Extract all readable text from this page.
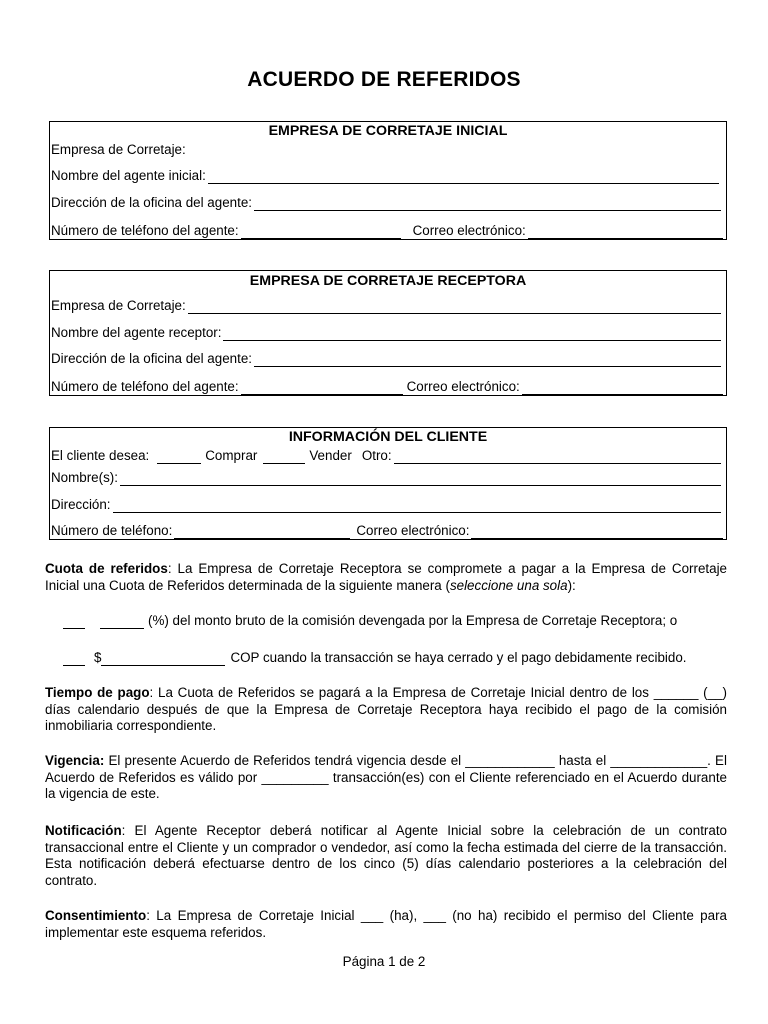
ACUERDO DE REFERIDOS
EMPRESA DE CORRETAJE INICIAL
Empresa de Corretaje:
Nombre del agente inicial:
Dirección de la oficina del agente:
Número de teléfono del agente:	Correo electrónico:
EMPRESA DE CORRETAJE RECEPTORA
Empresa de Corretaje:
Nombre del agente receptor:
Dirección de la oficina del agente:
Número de teléfono del agente:	Correo electrónico:
INFORMACIÓN DEL CLIENTE
El cliente desea:	Comprar	Vender Otro:
Nombre(s):
Dirección:
Número de teléfono:	Correo electrónico:
Cuota de referidos: La Empresa de Corretaje Receptora se compromete a pagar a la Empresa de Corretaje Inicial una Cuota de Referidos determinada de la siguiente manera (seleccione una sola):
(%) del monto bruto de la comisión devengada por la Empresa de Corretaje Receptora; o
$	COP cuando la transacción se haya cerrado y el pago debidamente recibido.
Tiempo de pago: La Cuota de Referidos se pagará a la Empresa de Corretaje Inicial dentro de los ______ (__) días calendario después de que la Empresa de Corretaje Receptora haya recibido el pago de la comisión inmobiliaria correspondiente.
Vigencia: El presente Acuerdo de Referidos tendrá vigencia desde el ____________ hasta el _____________. El Acuerdo de Referidos es válido por _________ transacción(es) con el Cliente referenciado en el Acuerdo durante la vigencia de este.
Notificación: El Agente Receptor deberá notificar al Agente Inicial sobre la celebración de un contrato transaccional entre el Cliente y un comprador o vendedor, así como la fecha estimada del cierre de la transacción. Esta notificación deberá efectuarse dentro de los cinco (5) días calendario posteriores a la celebración del contrato.
Consentimiento: La Empresa de Corretaje Inicial ___ (ha), ___ (no ha) recibido el permiso del Cliente para implementar este esquema referidos.
Página 1 de 2
